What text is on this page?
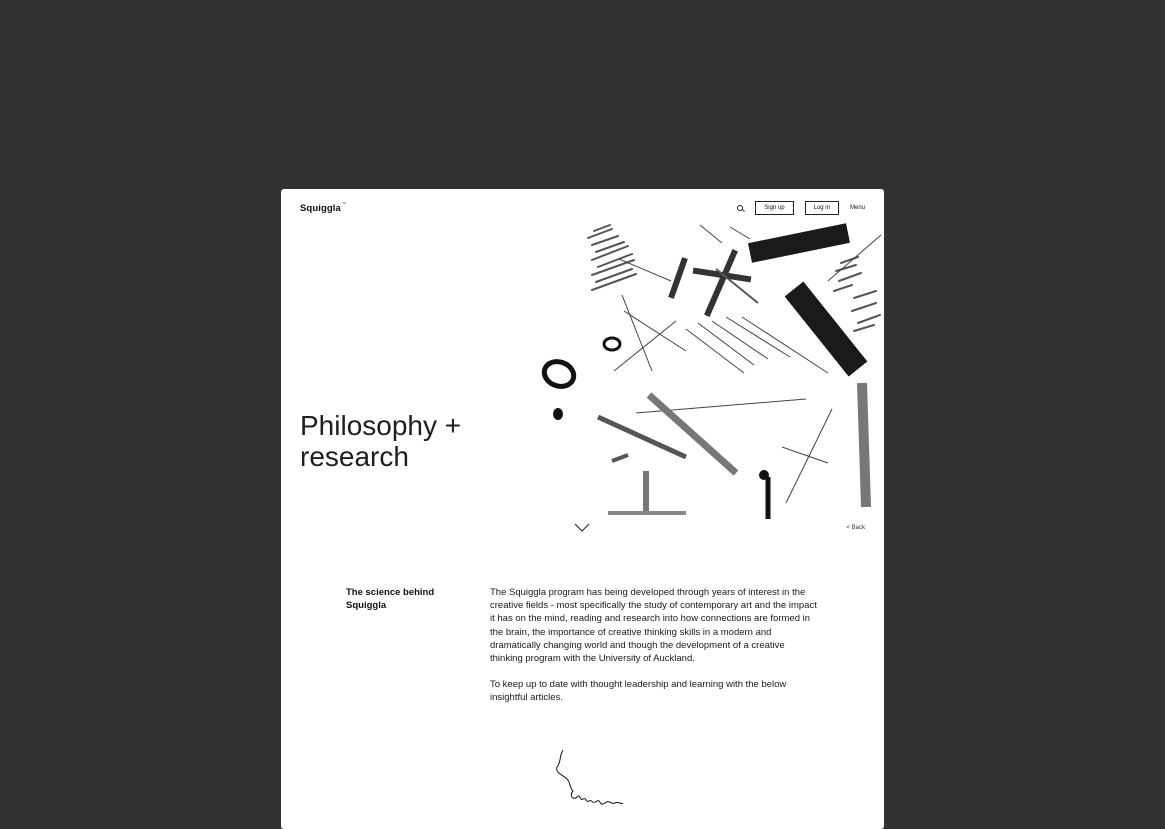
Squiggla™
Sign up	Log in	Menu
Philosophy + research
< Back
The science behind Squiggla

The Squiggla program has being developed through years of interest in the creative fields - most specifically the study of contemporary art and the impact it has on the mind, reading and research into how connections are formed in the brain, the importance of creative thinking skills in a modern and dramatically changing world and though the development of a creative thinking program with the University of Auckland.

To keep up to date with thought leadership and learning with the below insightful articles.
